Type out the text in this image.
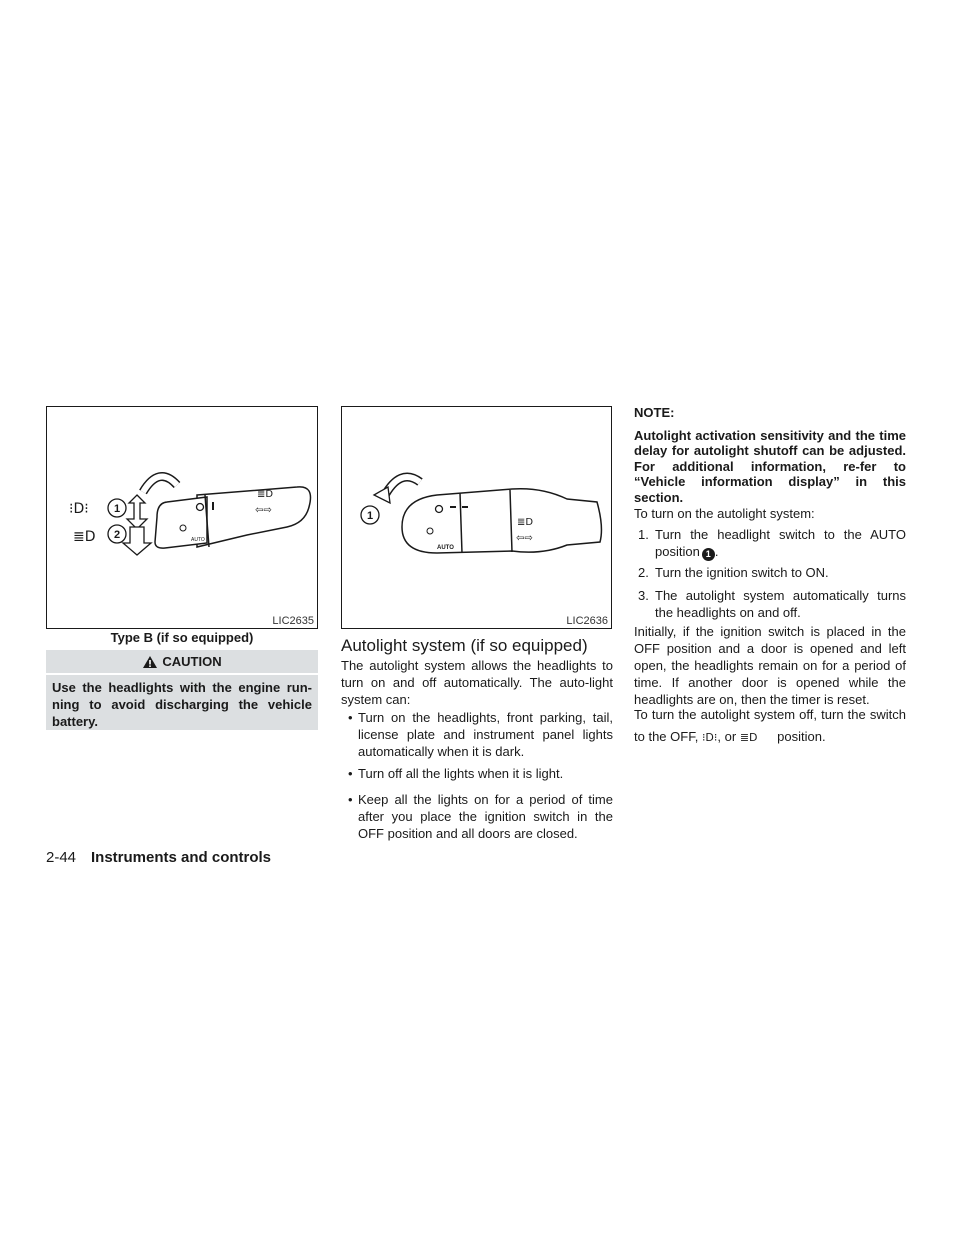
AUTO
≣D
⇦⇨
⁝D⁝
≣D
1
2
LIC2635
Type B (if so equipped)
CAUTION
Use the headlights with the engine run-ning to avoid discharging the vehicle battery.
AUTO
≣D
⇦⇨
1
LIC2636
Autolight system (if so equipped)
The autolight system allows the headlights to turn on and off automatically. The auto-light system can:
• Turn on the headlights, front parking, tail, license plate and instrument panel lights automatically when it is dark.
• Turn off all the lights when it is light.
• Keep all the lights on for a period of time after you place the ignition switch in the OFF position and all doors are closed.
NOTE:
Autolight activation sensitivity and the time delay for autolight shutoff can be adjusted. For additional information, re-fer to “Vehicle information display” in this section.
To turn on the autolight system:
1. Turn the headlight switch to the AUTO position 1 .
2. Turn the ignition switch to ON.
3. The autolight system automatically turns the headlights on and off.
Initially, if the ignition switch is placed in the OFF position and a door is opened and left open, the headlights remain on for a period of time. If another door is opened while the headlights are on, then the timer is reset.
To turn the autolight system off, turn the switch to the OFF, ⁝D⁝, or ≣D position.
2-44 Instruments and controls
